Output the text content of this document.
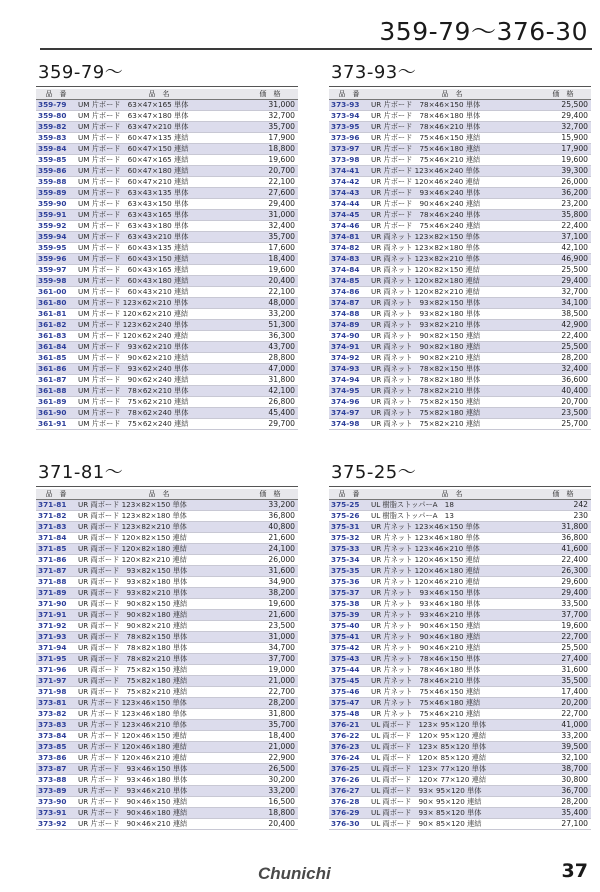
359-79～376-30
359-79～
品　番	品　名	価　格
359-79	UM 片ボード　63×47×165 単体	31,000
359-80	UM 片ボード　63×47×180 単体	32,700
359-82	UM 片ボード　63×47×210 単体	35,700
359-83	UM 片ボード　60×47×135 連結	17,900
359-84	UM 片ボード　60×47×150 連結	18,800
359-85	UM 片ボード　60×47×165 連結	19,600
359-86	UM 片ボード　60×47×180 連結	20,700
359-88	UM 片ボード　60×47×210 連結	22,100
359-89	UM 片ボード　63×43×135 単体	27,600
359-90	UM 片ボード　63×43×150 単体	29,400
359-91	UM 片ボード　63×43×165 単体	31,000
359-92	UM 片ボード　63×43×180 単体	32,400
359-94	UM 片ボード　63×43×210 単体	35,700
359-95	UM 片ボード　60×43×135 連結	17,600
359-96	UM 片ボード　60×43×150 連結	18,400
359-97	UM 片ボード　60×43×165 連結	19,600
359-98	UM 片ボード　60×43×180 連結	20,400
361-00	UM 片ボード　60×43×210 連結	22,100
361-80	UM 片ボード 123×62×210 単体	48,000
361-81	UM 片ボード 120×62×210 連結	33,200
361-82	UM 片ボード 123×62×240 単体	51,300
361-83	UM 片ボード 120×62×240 連結	36,300
361-84	UM 片ボード　93×62×210 単体	43,700
361-85	UM 片ボード　90×62×210 連結	28,800
361-86	UM 片ボード　93×62×240 単体	47,000
361-87	UM 片ボード　90×62×240 連結	31,800
361-88	UM 片ボード　78×62×210 単体	42,100
361-89	UM 片ボード　75×62×210 連結	26,800
361-90	UM 片ボード　78×62×240 単体	45,400
361-91	UM 片ボード　75×62×240 連結	29,700
373-93～
品　番	品　名	価　格
373-93	UR 片ボード　78×46×150 単体	25,500
373-94	UR 片ボード　78×46×180 単体	29,400
373-95	UR 片ボード　78×46×210 単体	32,700
373-96	UR 片ボード　75×46×150 連結	15,900
373-97	UR 片ボード　75×46×180 連結	17,900
373-98	UR 片ボード　75×46×210 連結	19,600
374-41	UR 片ボード 123×46×240 単体	39,300
374-42	UR 片ボード 120×46×240 連結	26,000
374-43	UR 片ボード　93×46×240 単体	36,200
374-44	UR 片ボード　90×46×240 連結	23,200
374-45	UR 片ボード　78×46×240 単体	35,800
374-46	UR 片ボード　75×46×240 連結	22,400
374-81	UR 両ネット 123×82×150 単体	37,100
374-82	UR 両ネット 123×82×180 単体	42,100
374-83	UR 両ネット 123×82×210 単体	46,900
374-84	UR 両ネット 120×82×150 連結	25,500
374-85	UR 両ネット 120×82×180 連結	29,400
374-86	UR 両ネット 120×82×210 連結	32,700
374-87	UR 両ネット　93×82×150 単体	34,100
374-88	UR 両ネット　93×82×180 単体	38,500
374-89	UR 両ネット　93×82×210 単体	42,900
374-90	UR 両ネット　90×82×150 連結	22,400
374-91	UR 両ネット　90×82×180 連結	25,500
374-92	UR 両ネット　90×82×210 連結	28,200
374-93	UR 両ネット　78×82×150 単体	32,400
374-94	UR 両ネット　78×82×180 単体	36,600
374-95	UR 両ネット　78×82×210 単体	40,400
374-96	UR 両ネット　75×82×150 連結	20,700
374-97	UR 両ネット　75×82×180 連結	23,500
374-98	UR 両ネット　75×82×210 連結	25,700
371-81～
品　番	品　名	価　格
371-81	UR 両ボード 123×82×150 単体	33,200
371-82	UR 両ボード 123×82×180 単体	36,800
371-83	UR 両ボード 123×82×210 単体	40,800
371-84	UR 両ボード 120×82×150 連結	21,600
371-85	UR 両ボード 120×82×180 連結	24,100
371-86	UR 両ボード 120×82×210 連結	26,000
371-87	UR 両ボード　93×82×150 単体	31,600
371-88	UR 両ボード　93×82×180 単体	34,900
371-89	UR 両ボード　93×82×210 単体	38,200
371-90	UR 両ボード　90×82×150 連結	19,600
371-91	UR 両ボード　90×82×180 連結	21,600
371-92	UR 両ボード　90×82×210 連結	23,500
371-93	UR 両ボード　78×82×150 単体	31,000
371-94	UR 両ボード　78×82×180 単体	34,700
371-95	UR 両ボード　78×82×210 単体	37,700
371-96	UR 両ボード　75×82×150 連結	19,000
371-97	UR 両ボード　75×82×180 連結	21,000
371-98	UR 両ボード　75×82×210 連結	22,700
373-81	UR 片ボード 123×46×150 単体	28,200
373-82	UR 片ボード 123×46×180 単体	31,800
373-83	UR 片ボード 123×46×210 単体	35,700
373-84	UR 片ボード 120×46×150 連結	18,400
373-85	UR 片ボード 120×46×180 連結	21,000
373-86	UR 片ボード 120×46×210 連結	22,900
373-87	UR 片ボード　93×46×150 単体	26,500
373-88	UR 片ボード　93×46×180 単体	30,200
373-89	UR 片ボード　93×46×210 単体	33,200
373-90	UR 片ボード　90×46×150 連結	16,500
373-91	UR 片ボード　90×46×180 連結	18,800
373-92	UR 片ボード　90×46×210 連結	20,400
375-25～
品　番	品　名	価　格
375-25	UL 樹脂ストッパーA　18	242
375-26	UL 樹脂ストッパーA　13	230
375-31	UR 片ネット 123×46×150 単体	31,800
375-32	UR 片ネット 123×46×180 単体	36,800
375-33	UR 片ネット 123×46×210 単体	41,600
375-34	UR 片ネット 120×46×150 連結	22,400
375-35	UR 片ネット 120×46×180 連結	26,300
375-36	UR 片ネット 120×46×210 連結	29,600
375-37	UR 片ネット　93×46×150 単体	29,400
375-38	UR 片ネット　93×46×180 単体	33,500
375-39	UR 片ネット　93×46×210 単体	37,700
375-40	UR 片ネット　90×46×150 連結	19,600
375-41	UR 片ネット　90×46×180 連結	22,700
375-42	UR 片ネット　90×46×210 連結	25,500
375-43	UR 片ネット　78×46×150 単体	27,400
375-44	UR 片ネット　78×46×180 単体	31,600
375-45	UR 片ネット　78×46×210 単体	35,500
375-46	UR 片ネット　75×46×150 連結	17,400
375-47	UR 片ネット　75×46×180 連結	20,200
375-48	UR 片ネット　75×46×210 連結	22,700
376-21	UL 両ボード　123× 95×120 単体	41,000
376-22	UL 両ボード　120× 95×120 連結	33,200
376-23	UL 両ボード　123× 85×120 単体	39,500
376-24	UL 両ボード　120× 85×120 連結	32,100
376-25	UL 両ボード　123× 77×120 単体	38,700
376-26	UL 両ボード　120× 77×120 連結	30,800
376-27	UL 両ボード　93× 95×120 単体	36,700
376-28	UL 両ボード　90× 95×120 連結	28,200
376-29	UL 両ボード　93× 85×120 単体	35,400
376-30	UL 両ボード　90× 85×120 連結	27,100
Chunichi	37
